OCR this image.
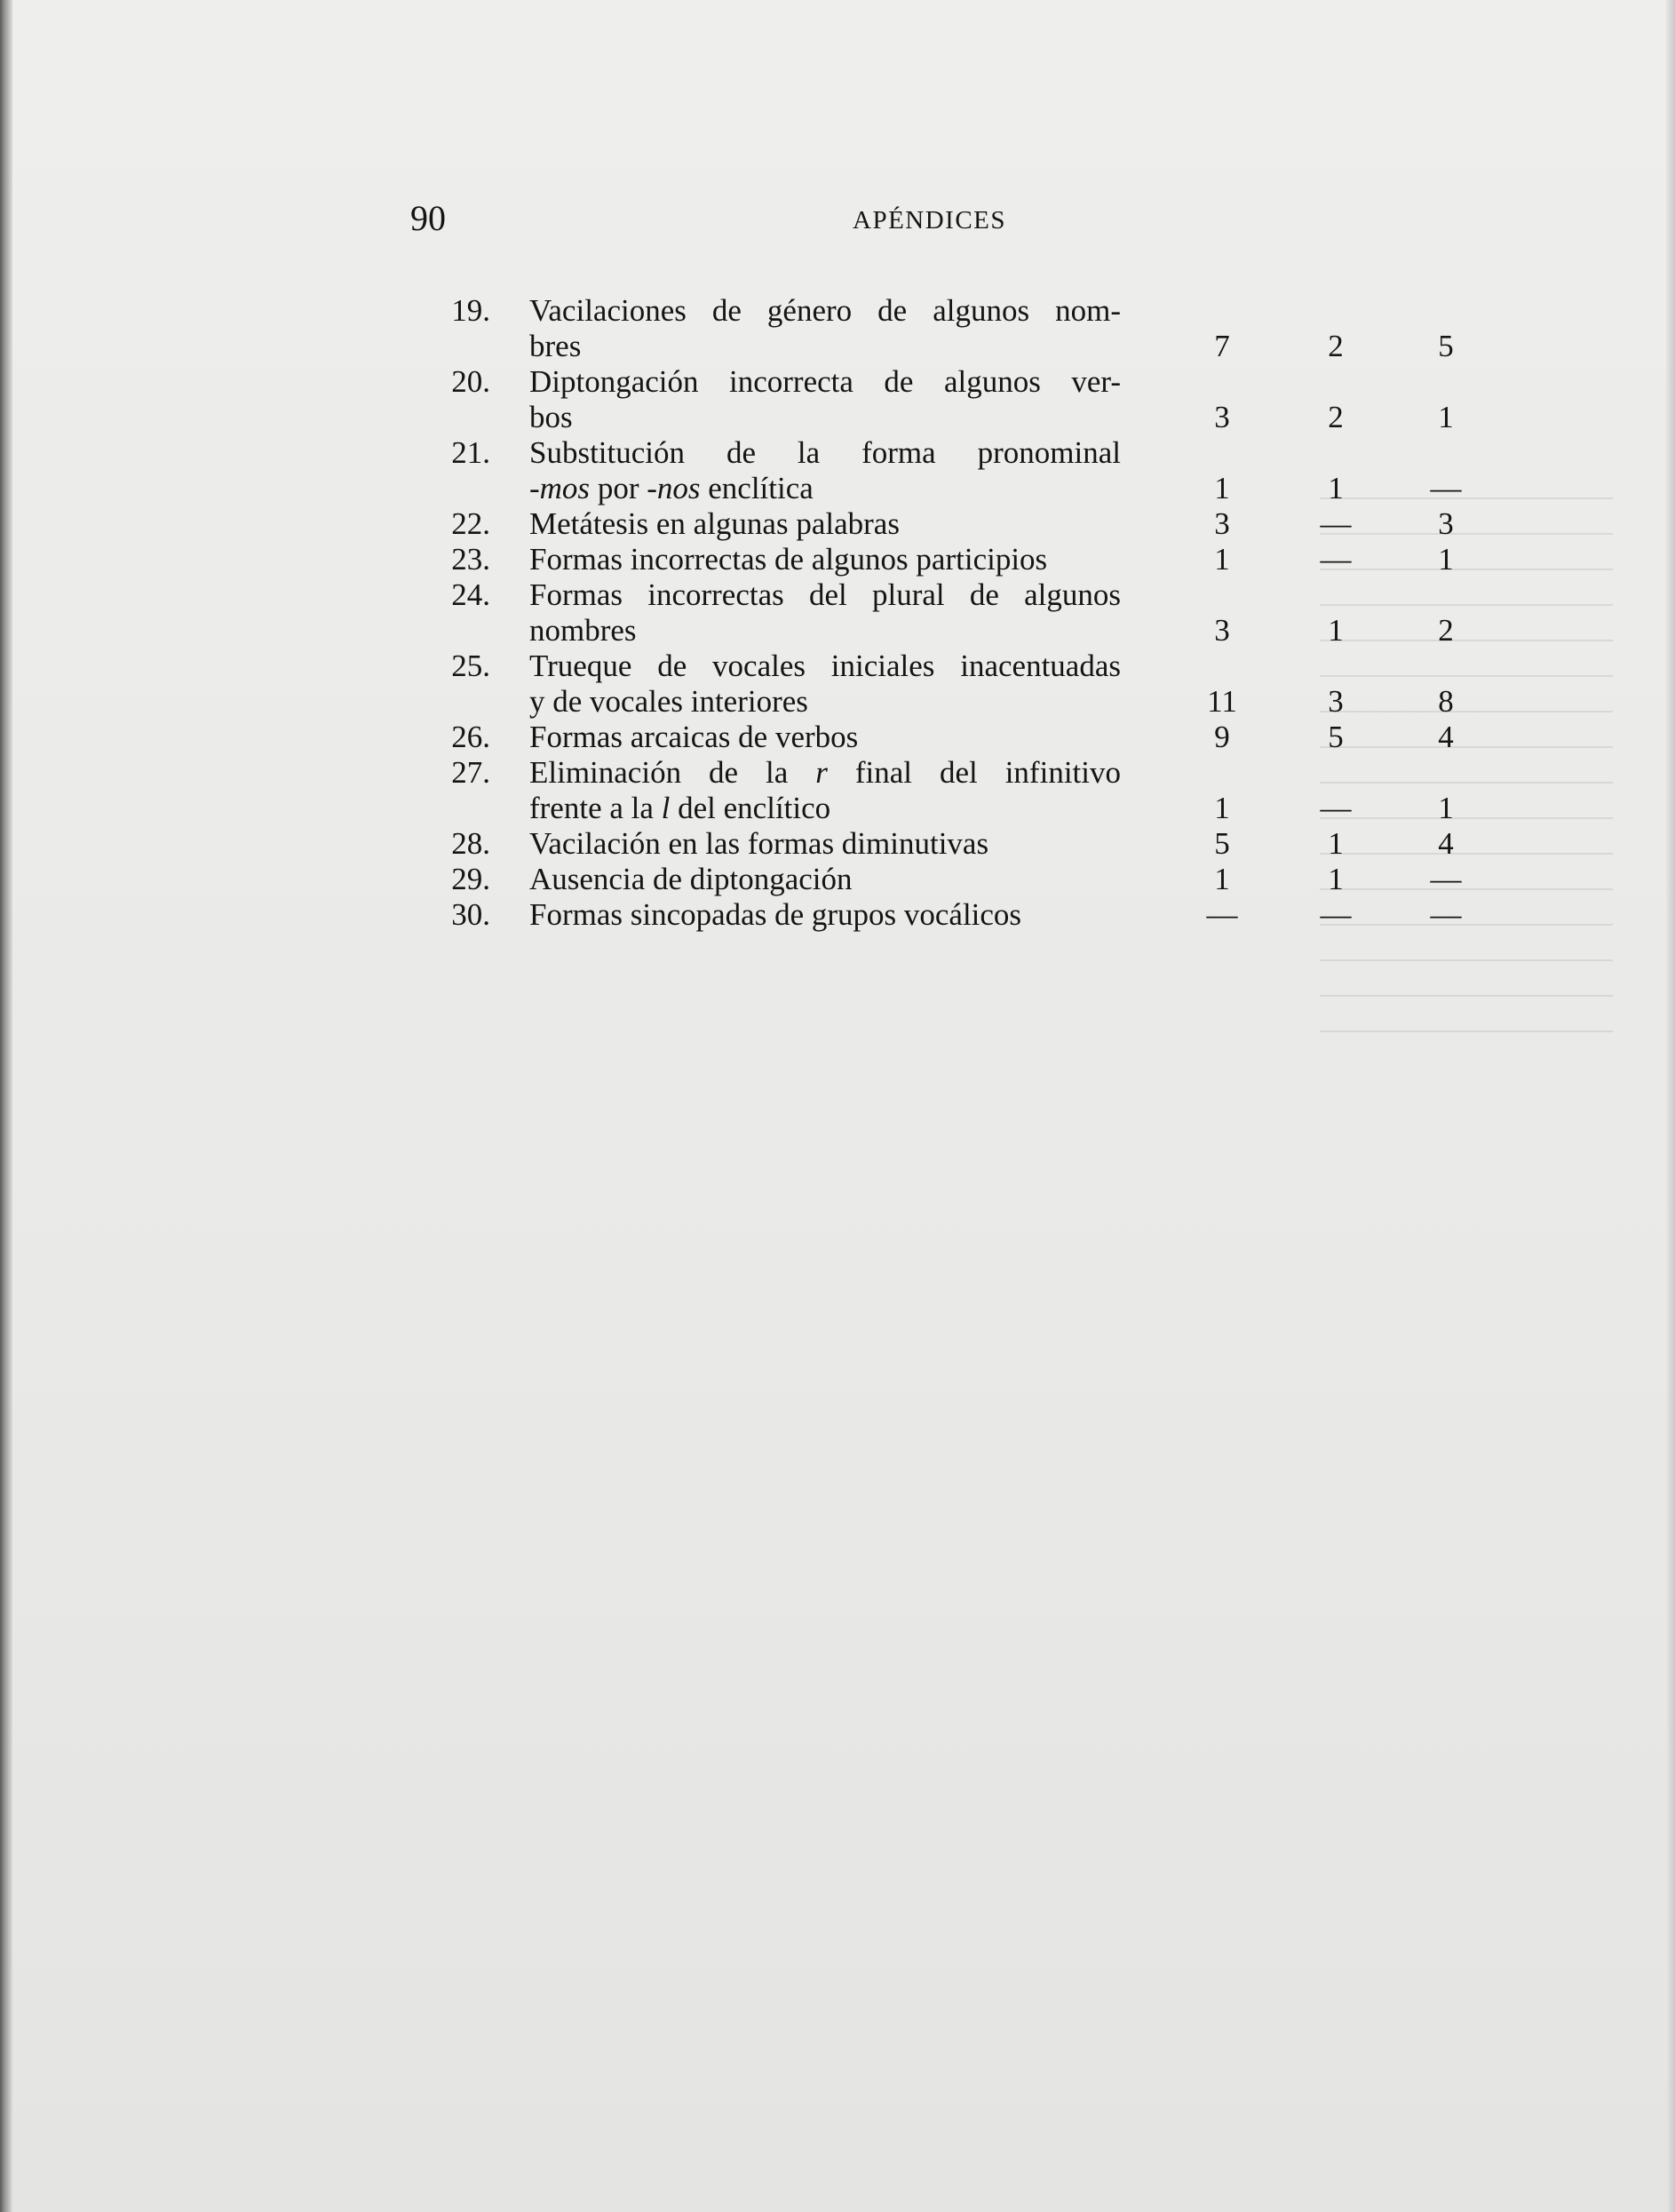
90	APÉNDICES
19. Vacilaciones de género de algunos nom-
bres	7	2	5
20. Diptongación incorrecta de algunos ver-
bos	3	2	1
21. Substitución de la forma pronominal
-mos por -nos enclítica	1	1	—
22. Metátesis en algunas palabras	3	—	3
23. Formas incorrectas de algunos participios	1	—	1
24. Formas incorrectas del plural de algunos
nombres	3	1	2
25. Trueque de vocales iniciales inacentuadas
y de vocales interiores	11	3	8
26. Formas arcaicas de verbos	9	5	4
27. Eliminación de la r final del infinitivo
frente a la l del enclítico	1	—	1
28. Vacilación en las formas diminutivas	5	1	4
29. Ausencia de diptongación	1	1	—
30. Formas sincopadas de grupos vocálicos	—	—	—
